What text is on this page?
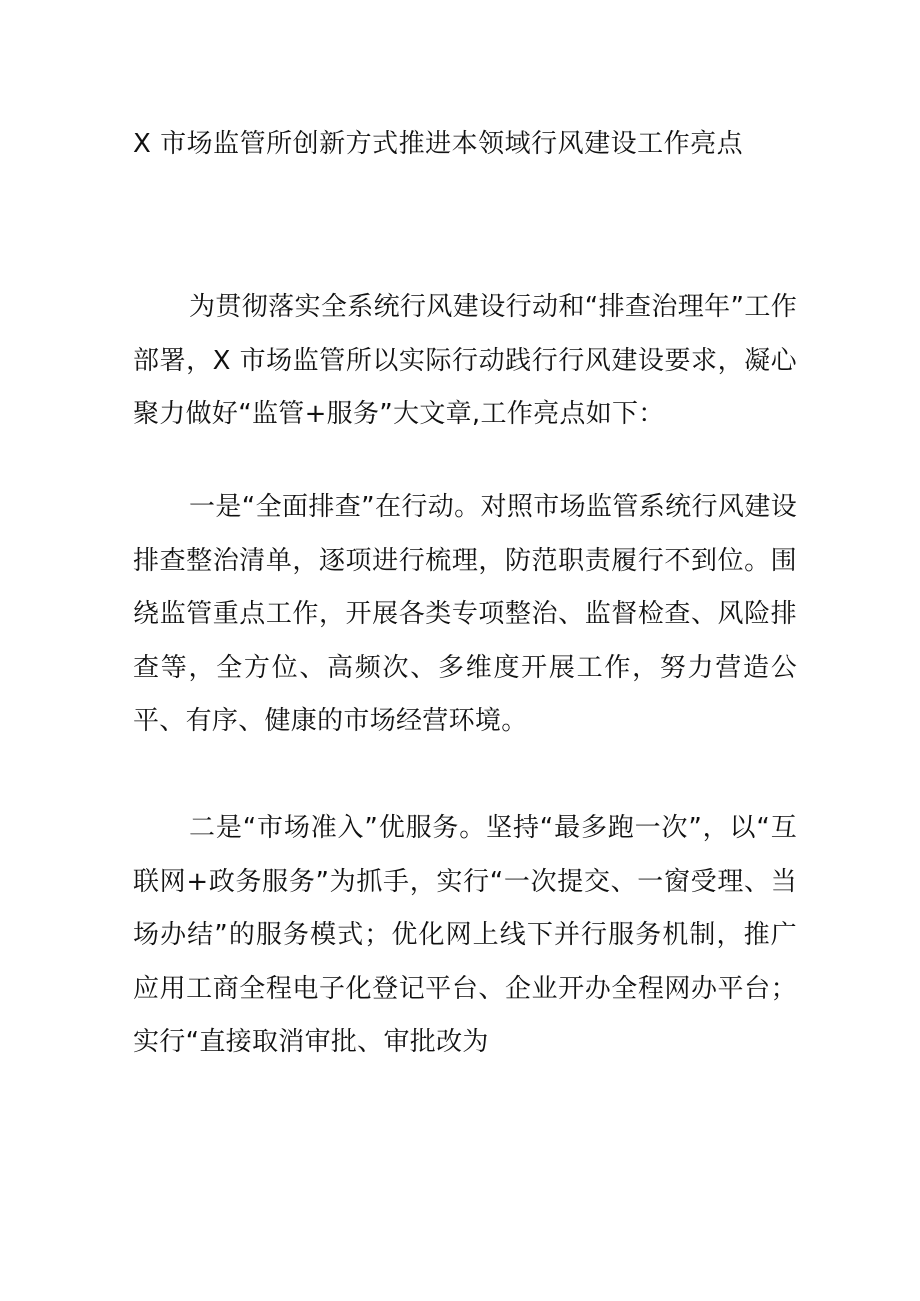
X 市场监管所创新方式推进本领域行风建设工作亮点

为贯彻落实全系统行风建设行动和“排查治理年”工作部署，X 市场监管所以实际行动践行行风建设要求，凝心聚力做好“监管+服务”大文章,工作亮点如下：

一是“全面排查”在行动。对照市场监管系统行风建设排查整治清单，逐项进行梳理，防范职责履行不到位。围绕监管重点工作，开展各类专项整治、监督检查、风险排查等，全方位、高频次、多维度开展工作，努力营造公平、有序、健康的市场经营环境。

二是“市场准入”优服务。坚持“最多跑一次”，以“互联网+政务服务”为抓手，实行“一次提交、一窗受理、当场办结”的服务模式；优化网上线下并行服务机制，推广应用工商全程电子化登记平台、企业开办全程网办平台；实行“直接取消审批、审批改为
